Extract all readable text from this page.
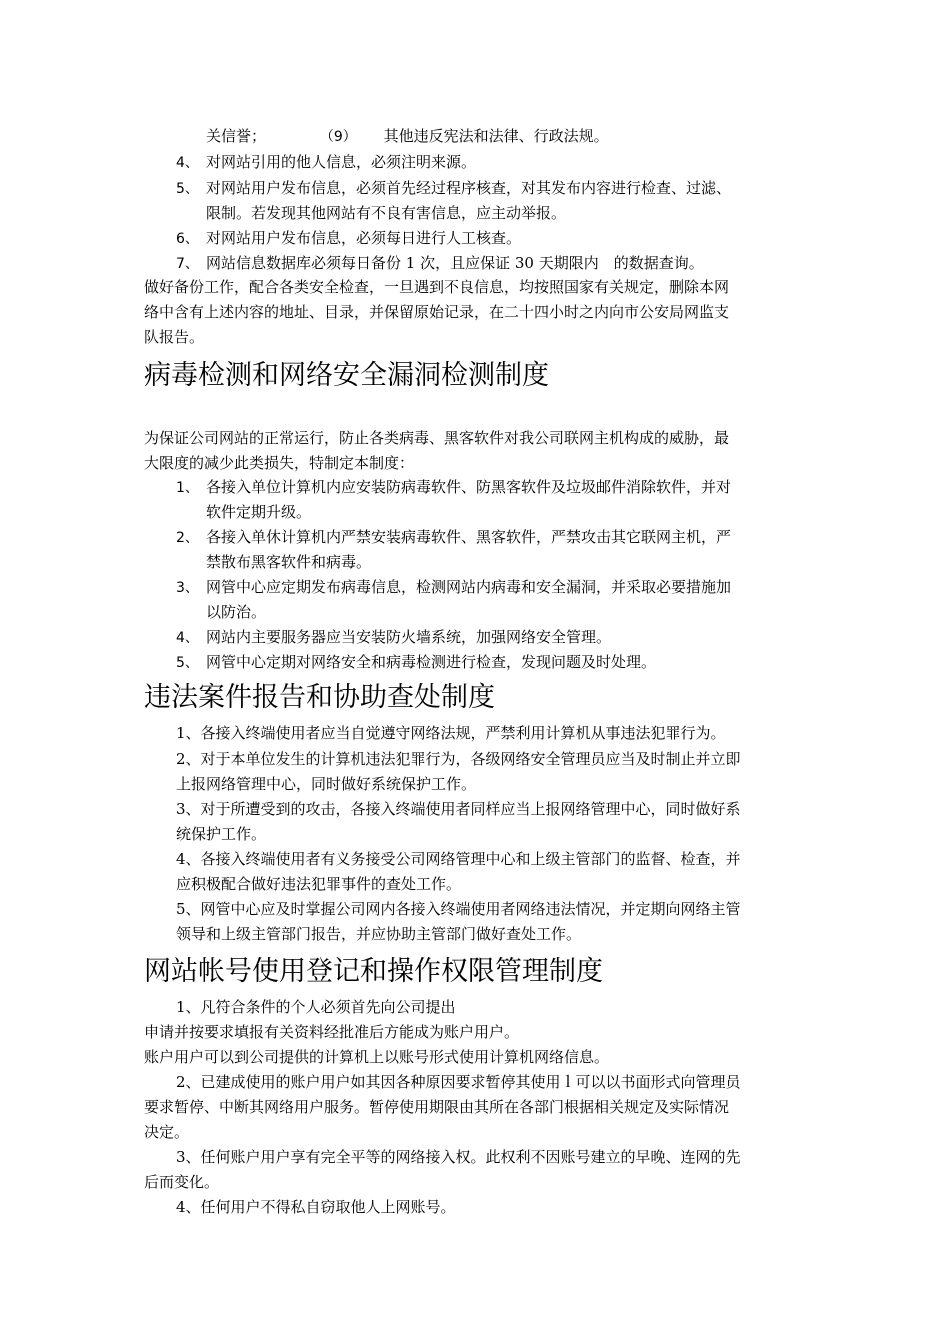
关信誉；	（9） 其他违反宪法和法律、行政法规。
4、 对网站引用的他人信息，必须注明来源。
5、 对网站用户发布信息，必须首先经过程序核查，对其发布内容进行检查、过滤、
限制。若发现其他网站有不良有害信息，应主动举报。
6、 对网站用户发布信息，必须每日进行人工核查。
7、 网站信息数据库必须每日备份 1 次，且应保证 30 天期限内　的数据查询。
做好备份工作，配合各类安全检查，一旦遇到不良信息，均按照国家有关规定，删除本网
络中含有上述内容的地址、目录，并保留原始记录，在二十四小时之内向市公安局网监支
队报告。
病毒检测和网络安全漏洞检测制度
为保证公司网站的正常运行，防止各类病毒、黑客软件对我公司联网主机构成的威胁，最
大限度的减少此类损失，特制定本制度：
1、 各接入单位计算机内应安装防病毒软件、防黑客软件及垃圾邮件消除软件，并对
软件定期升级。
2、 各接入单休计算机内严禁安装病毒软件、黑客软件，严禁攻击其它联网主机，严
禁散布黑客软件和病毒。
3、 网管中心应定期发布病毒信息，检测网站内病毒和安全漏洞，并采取必要措施加
以防治。
4、 网站内主要服务器应当安装防火墙系统，加强网络安全管理。
5、 网管中心定期对网络安全和病毒检测进行检查，发现问题及时处理。
违法案件报告和协助查处制度
1、各接入终端使用者应当自觉遵守网络法规，严禁利用计算机从事违法犯罪行为。
2、对于本单位发生的计算机违法犯罪行为，各级网络安全管理员应当及时制止并立即
上报网络管理中心，同时做好系统保护工作。
3、对于所遭受到的攻击，各接入终端使用者同样应当上报网络管理中心，同时做好系
统保护工作。
4、各接入终端使用者有义务接受公司网络管理中心和上级主管部门的监督、检查，并
应积极配合做好违法犯罪事件的查处工作。
5、网管中心应及时掌握公司网内各接入终端使用者网络违法情况，并定期向网络主管
领导和上级主管部门报告，并应协助主管部门做好查处工作。
网站帐号使用登记和操作权限管理制度
1、凡符合条件的个人必须首先向公司提出
申请并按要求填报有关资料经批准后方能成为账户用户。
账户用户可以到公司提供的计算机上以账号形式使用计算机网络信息。
2、已建成使用的账户用户如其因各种原因要求暂停其使用ｌ可以以书面形式向管理员
要求暂停、中断其网络用户服务。暂停使用期限由其所在各部门根据相关规定及实际情况
决定。
3、任何账户用户享有完全平等的网络接入权。此权利不因账号建立的早晚、连网的先
后而变化。
4、任何用户不得私自窃取他人上网账号。
